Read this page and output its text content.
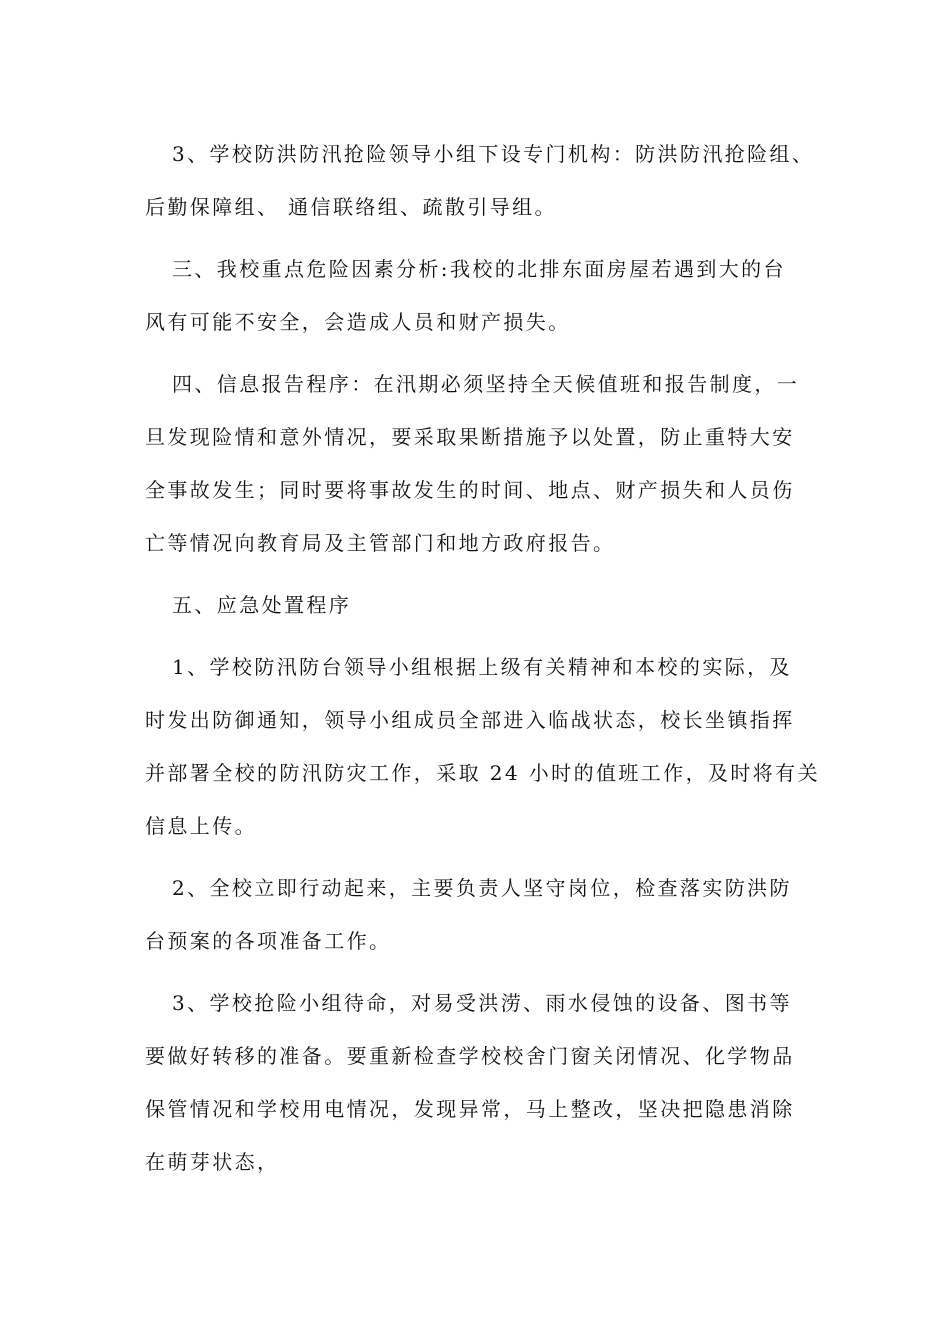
3、学校防洪防汛抢险领导小组下设专门机构：防洪防汛抢险组、
后勤保障组、 通信联络组、疏散引导组。

三、我校重点危险因素分析:我校的北排东面房屋若遇到大的台
风有可能不安全，会造成人员和财产损失。

四、信息报告程序：在汛期必须坚持全天候值班和报告制度，一
旦发现险情和意外情况，要采取果断措施予以处置，防止重特大安
全事故发生；同时要将事故发生的时间、地点、财产损失和人员伤
亡等情况向教育局及主管部门和地方政府报告。

五、应急处置程序

1、学校防汛防台领导小组根据上级有关精神和本校的实际，及
时发出防御通知，领导小组成员全部进入临战状态，校长坐镇指挥
并部署全校的防汛防灾工作，采取 24 小时的值班工作，及时将有关
信息上传。

2、全校立即行动起来，主要负责人坚守岗位，检查落实防洪防
台预案的各项准备工作。

3、学校抢险小组待命，对易受洪涝、雨水侵蚀的设备、图书等
要做好转移的准备。要重新检查学校校舍门窗关闭情况、化学物品
保管情况和学校用电情况，发现异常，马上整改，坚决把隐患消除
在萌芽状态，
